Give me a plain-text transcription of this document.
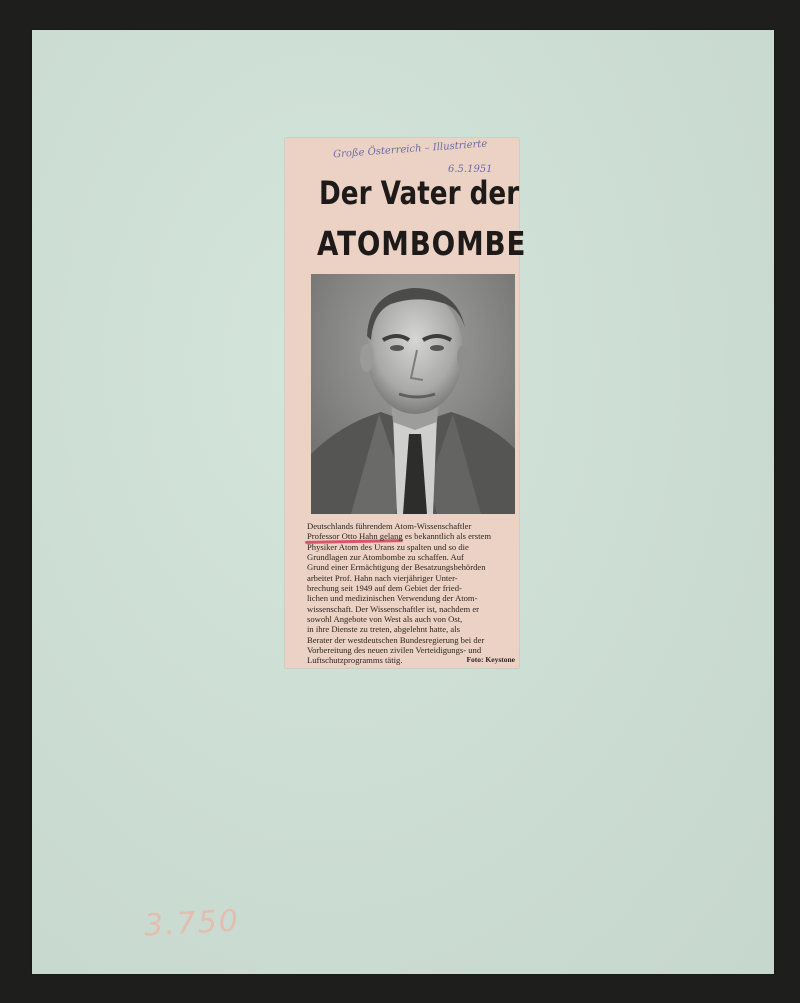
Große Österreich – Illustrierte
6.5.1951
Der Vater der
ATOMBOMBE
Deutschlands führendem Atom-Wissenschaftler
Professor Otto Hahn gelang es bekanntlich als erstem
Physiker Atom des Urans zu spalten und so die
Grundlagen zur Atombombe zu schaffen. Auf
Grund einer Ermächtigung der Besatzungsbehörden
arbeitet Prof. Hahn nach vierjähriger Unter-
brechung seit 1949 auf dem Gebiet der fried-
lichen und medizinischen Verwendung der Atom-
wissenschaft. Der Wissenschaftler ist, nachdem er
sowohl Angebote von West als auch von Ost,
in ihre Dienste zu treten, abgelehnt hatte, als
Berater der westdeutschen Bundesregierung bei der
Vorbereitung des neuen zivilen Verteidigungs- und
Luftschutzprogramms tätig.	Foto: Keystone
3.750
